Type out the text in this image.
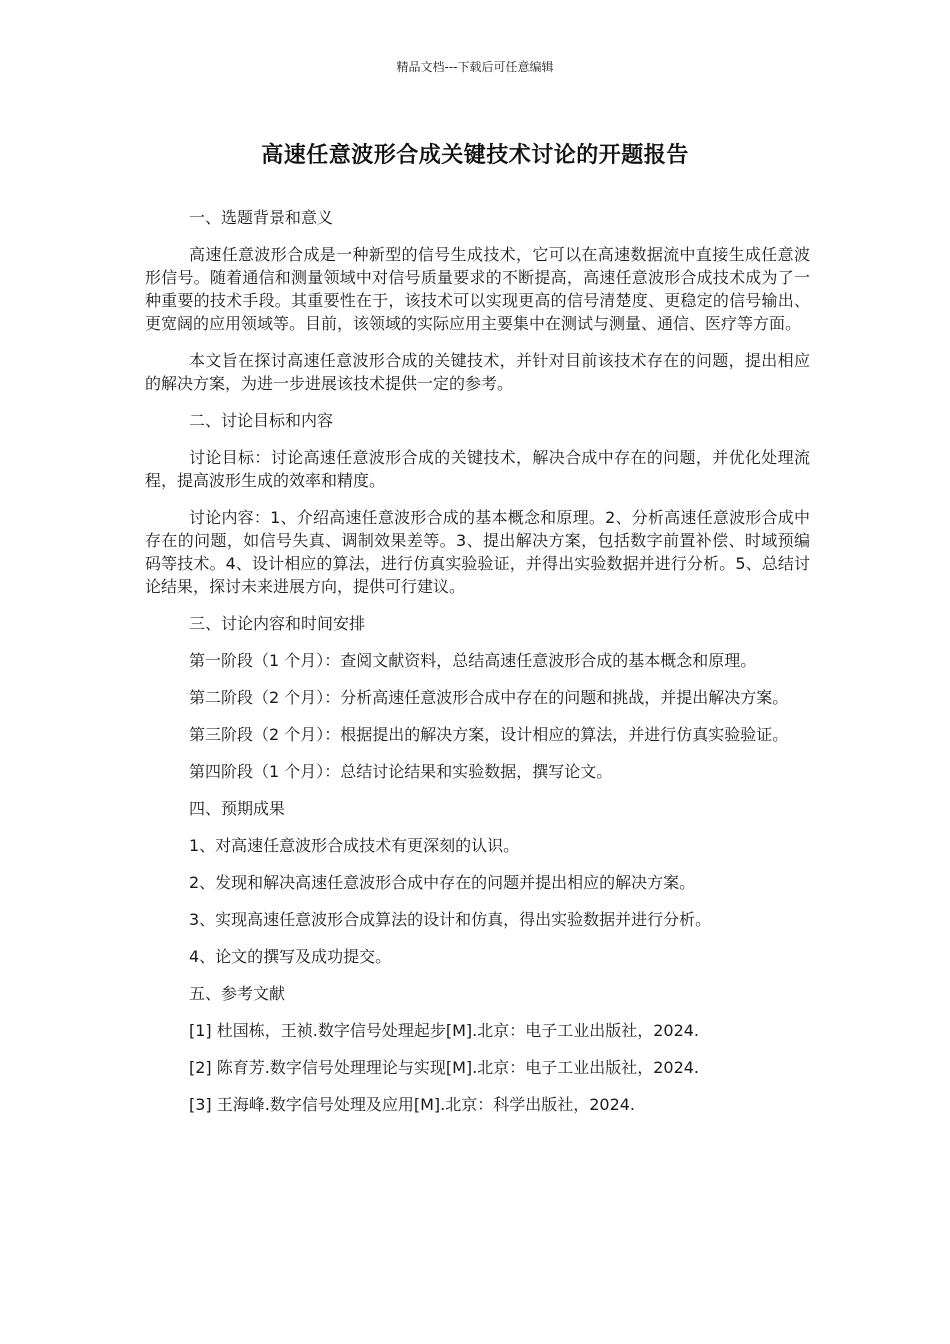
精品文档---下载后可任意编辑
高速任意波形合成关键技术讨论的开题报告
一、选题背景和意义
高速任意波形合成是一种新型的信号生成技术，它可以在高速数据流中直接生成任意波形信号。随着通信和测量领域中对信号质量要求的不断提高，高速任意波形合成技术成为了一种重要的技术手段。其重要性在于，该技术可以实现更高的信号清楚度、更稳定的信号输出、更宽阔的应用领域等。目前，该领域的实际应用主要集中在测试与测量、通信、医疗等方面。
本文旨在探讨高速任意波形合成的关键技术，并针对目前该技术存在的问题，提出相应的解决方案，为进一步进展该技术提供一定的参考。
二、讨论目标和内容
讨论目标：讨论高速任意波形合成的关键技术，解决合成中存在的问题，并优化处理流程，提高波形生成的效率和精度。
讨论内容：1、介绍高速任意波形合成的基本概念和原理。2、分析高速任意波形合成中存在的问题，如信号失真、调制效果差等。3、提出解决方案，包括数字前置补偿、时域预编码等技术。4、设计相应的算法，进行仿真实验验证，并得出实验数据并进行分析。5、总结讨论结果，探讨未来进展方向，提供可行建议。
三、讨论内容和时间安排
第一阶段（1 个月）：查阅文献资料，总结高速任意波形合成的基本概念和原理。
第二阶段（2 个月）：分析高速任意波形合成中存在的问题和挑战，并提出解决方案。
第三阶段（2 个月）：根据提出的解决方案，设计相应的算法，并进行仿真实验验证。
第四阶段（1 个月）：总结讨论结果和实验数据，撰写论文。
四、预期成果
1、对高速任意波形合成技术有更深刻的认识。
2、发现和解决高速任意波形合成中存在的问题并提出相应的解决方案。
3、实现高速任意波形合成算法的设计和仿真，得出实验数据并进行分析。
4、论文的撰写及成功提交。
五、参考文献
[1] 杜国栋，王祯.数字信号处理起步[M].北京：电子工业出版社，2024.
[2] 陈育芳.数字信号处理理论与实现[M].北京：电子工业出版社，2024.
[3] 王海峰.数字信号处理及应用[M].北京：科学出版社，2024.
